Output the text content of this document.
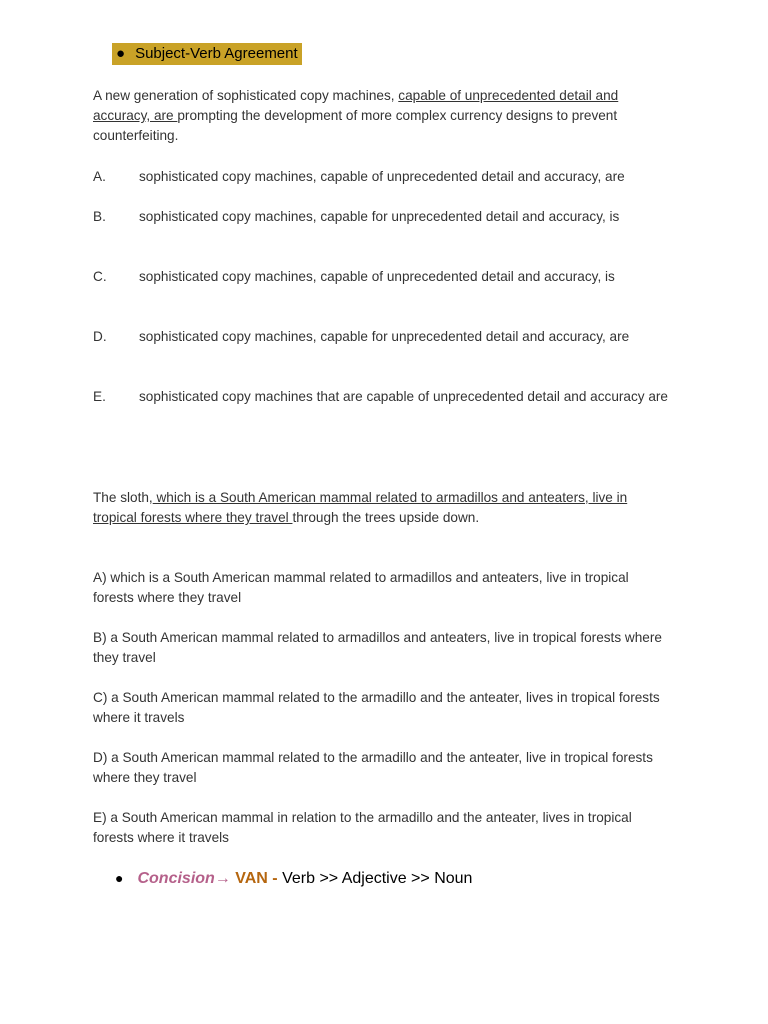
● Subject-Verb Agreement
A new generation of sophisticated copy machines, capable of unprecedented detail and accuracy, are prompting the development of more complex currency designs to prevent counterfeiting.
A. sophisticated copy machines, capable of unprecedented detail and accuracy, are
B. sophisticated copy machines, capable for unprecedented detail and accuracy, is
C. sophisticated copy machines, capable of unprecedented detail and accuracy, is
D. sophisticated copy machines, capable for unprecedented detail and accuracy, are
E. sophisticated copy machines that are capable of unprecedented detail and accuracy are
The sloth, which is a South American mammal related to armadillos and anteaters, live in tropical forests where they travel through the trees upside down.
A) which is a South American mammal related to armadillos and anteaters, live in tropical forests where they travel
B) a South American mammal related to armadillos and anteaters, live in tropical forests where they travel
C) a South American mammal related to the armadillo and the anteater, lives in tropical forests where it travels
D) a South American mammal related to the armadillo and the anteater, live in tropical forests where they travel
E) a South American mammal in relation to the armadillo and the anteater, lives in tropical forests where it travels
● Concision→ VAN - Verb >> Adjective >> Noun
